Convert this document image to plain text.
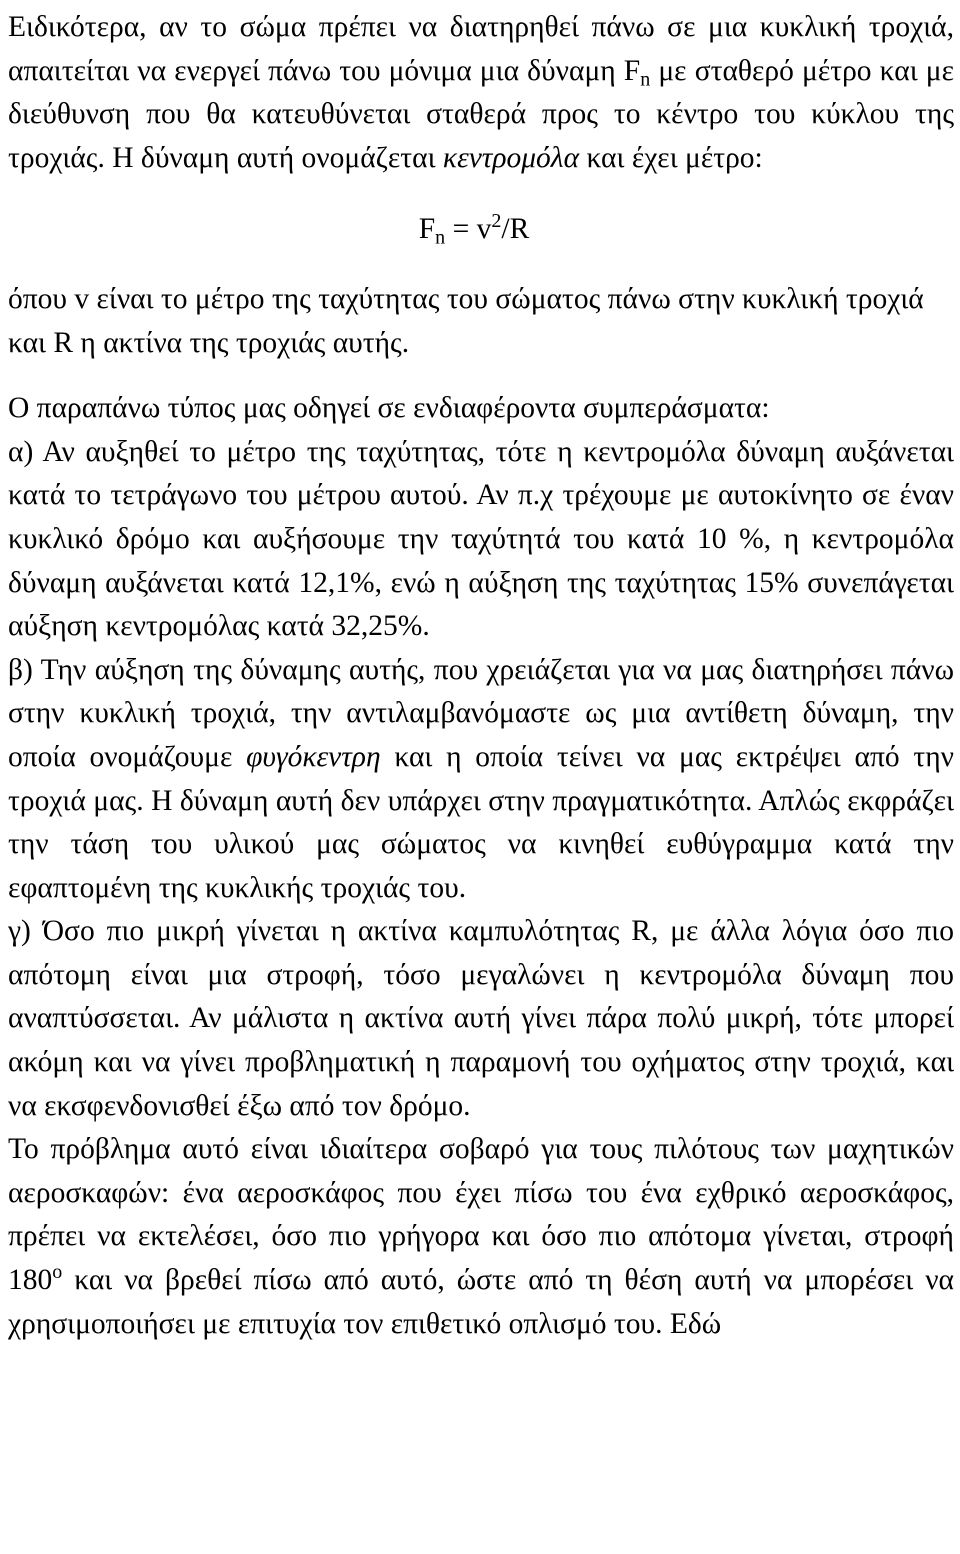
Ειδικότερα, αν το σώμα πρέπει να διατηρηθεί πάνω σε μια κυκλική τροχιά, απαιτείται να ενεργεί πάνω του μόνιμα μια δύναμη $F_n$ με σταθερό μέτρο και με διεύθυνση που θα κατευθύνεται σταθερά προς το κέντρο του κύκλου της τροχιάς. Η δύναμη αυτή ονομάζεται κεντρομόλα και έχει μέτρο:

$F_n = v^2/R$

όπου v είναι το μέτρο της ταχύτητας του σώματος πάνω στην κυκλική τροχιά και R η ακτίνα της τροχιάς αυτής.

Ο παραπάνω τύπος μας οδηγεί σε ενδιαφέροντα συμπεράσματα:

α) Αν αυξηθεί το μέτρο της ταχύτητας, τότε η κεντρομόλα δύναμη αυξάνεται κατά το τετράγωνο του μέτρου αυτού. Αν π.χ τρέχουμε με αυτοκίνητο σε έναν κυκλικό δρόμο και αυξήσουμε την ταχύτητά του κατά 10 %, η κεντρομόλα δύναμη αυξάνεται κατά 12,1%, ενώ η αύξηση της ταχύτητας 15% συνεπάγεται αύξηση κεντρομόλας κατά 32,25%.

β) Την αύξηση της δύναμης αυτής, που χρειάζεται για να μας διατηρήσει πάνω στην κυκλική τροχιά, την αντιλαμβανόμαστε ως μια αντίθετη δύναμη, την οποία ονομάζουμε φυγόκεντρη και η οποία τείνει να μας εκτρέψει από την τροχιά μας. Η δύναμη αυτή δεν υπάρχει στην πραγματικότητα. Απλώς εκφράζει την τάση του υλικού μας σώματος να κινηθεί ευθύγραμμα κατά την εφαπτομένη της κυκλικής τροχιάς του.

γ) Όσο πιο μικρή γίνεται η ακτίνα καμπυλότητας R, με άλλα λόγια όσο πιο απότομη είναι μια στροφή, τόσο μεγαλώνει η κεντρομόλα δύναμη που αναπτύσσεται. Αν μάλιστα η ακτίνα αυτή γίνει πάρα πολύ μικρή, τότε μπορεί ακόμη και να γίνει προβληματική η παραμονή του οχήματος στην τροχιά, και να εκσφενδονισθεί έξω από τον δρόμο.

Το πρόβλημα αυτό είναι ιδιαίτερα σοβαρό για τους πιλότους των μαχητικών αεροσκαφών: ένα αεροσκάφος που έχει πίσω του ένα εχθρικό αεροσκάφος, πρέπει να εκτελέσει, όσο πιο γρήγορα και όσο πιο απότομα γίνεται, στροφή $180^o$ και να βρεθεί πίσω από αυτό, ώστε από τη θέση αυτή να μπορέσει να χρησιμοποιήσει με επιτυχία τον επιθετικό οπλισμό του. Εδώ
